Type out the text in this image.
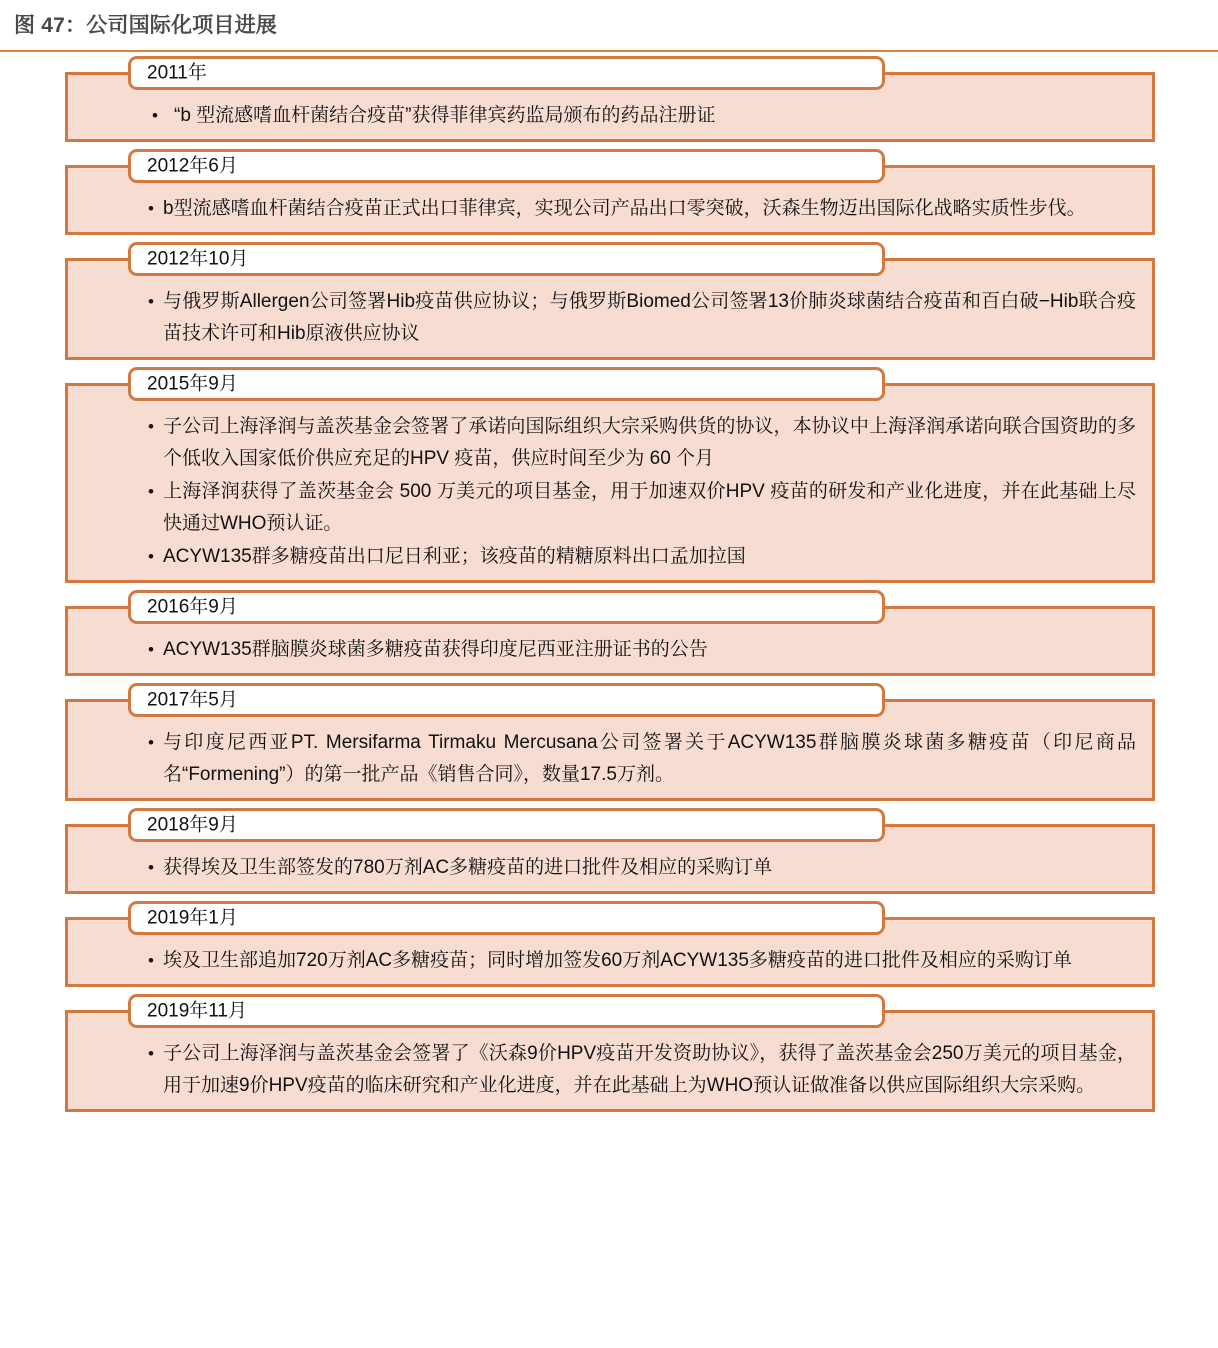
图 47：公司国际化项目进展
2011年
• “b 型流感嗜血杆菌结合疫苗”获得菲律宾药监局颁布的药品注册证
2012年6月
• b型流感嗜血杆菌结合疫苗正式出口菲律宾，实现公司产品出口零突破，沃森生物迈出国际化战略实质性步伐。
2012年10月
• 与俄罗斯Allergen公司签署Hib疫苗供应协议；与俄罗斯Biomed公司签署13价肺炎球菌结合疫苗和百白破−Hib联合疫苗技术许可和Hib原液供应协议
2015年9月
• 子公司上海泽润与盖茨基金会签署了承诺向国际组织大宗采购供货的协议，本协议中上海泽润承诺向联合国资助的多个低收入国家低价供应充足的HPV 疫苗，供应时间至少为 60 个月
• 上海泽润获得了盖茨基金会 500 万美元的项目基金，用于加速双价HPV 疫苗的研发和产业化进度，并在此基础上尽快通过WHO预认证。
• ACYW135群多糖疫苗出口尼日利亚；该疫苗的精糖原料出口孟加拉国
2016年9月
• ACYW135群脑膜炎球菌多糖疫苗获得印度尼西亚注册证书的公告
2017年5月
• 与印度尼西亚PT. Mersifarma Tirmaku Mercusana公司签署关于ACYW135群脑膜炎球菌多糖疫苗（印尼商品名“Formening”）的第一批产品《销售合同》，数量17.5万剂。
2018年9月
• 获得埃及卫生部签发的780万剂AC多糖疫苗的进口批件及相应的采购订单
2019年1月
• 埃及卫生部追加720万剂AC多糖疫苗；同时增加签发60万剂ACYW135多糖疫苗的进口批件及相应的采购订单
2019年11月
• 子公司上海泽润与盖茨基金会签署了《沃森9价HPV疫苗开发资助协议》，获得了盖茨基金会250万美元的项目基金，用于加速9价HPV疫苗的临床研究和产业化进度，并在此基础上为WHO预认证做准备以供应国际组织大宗采购。
